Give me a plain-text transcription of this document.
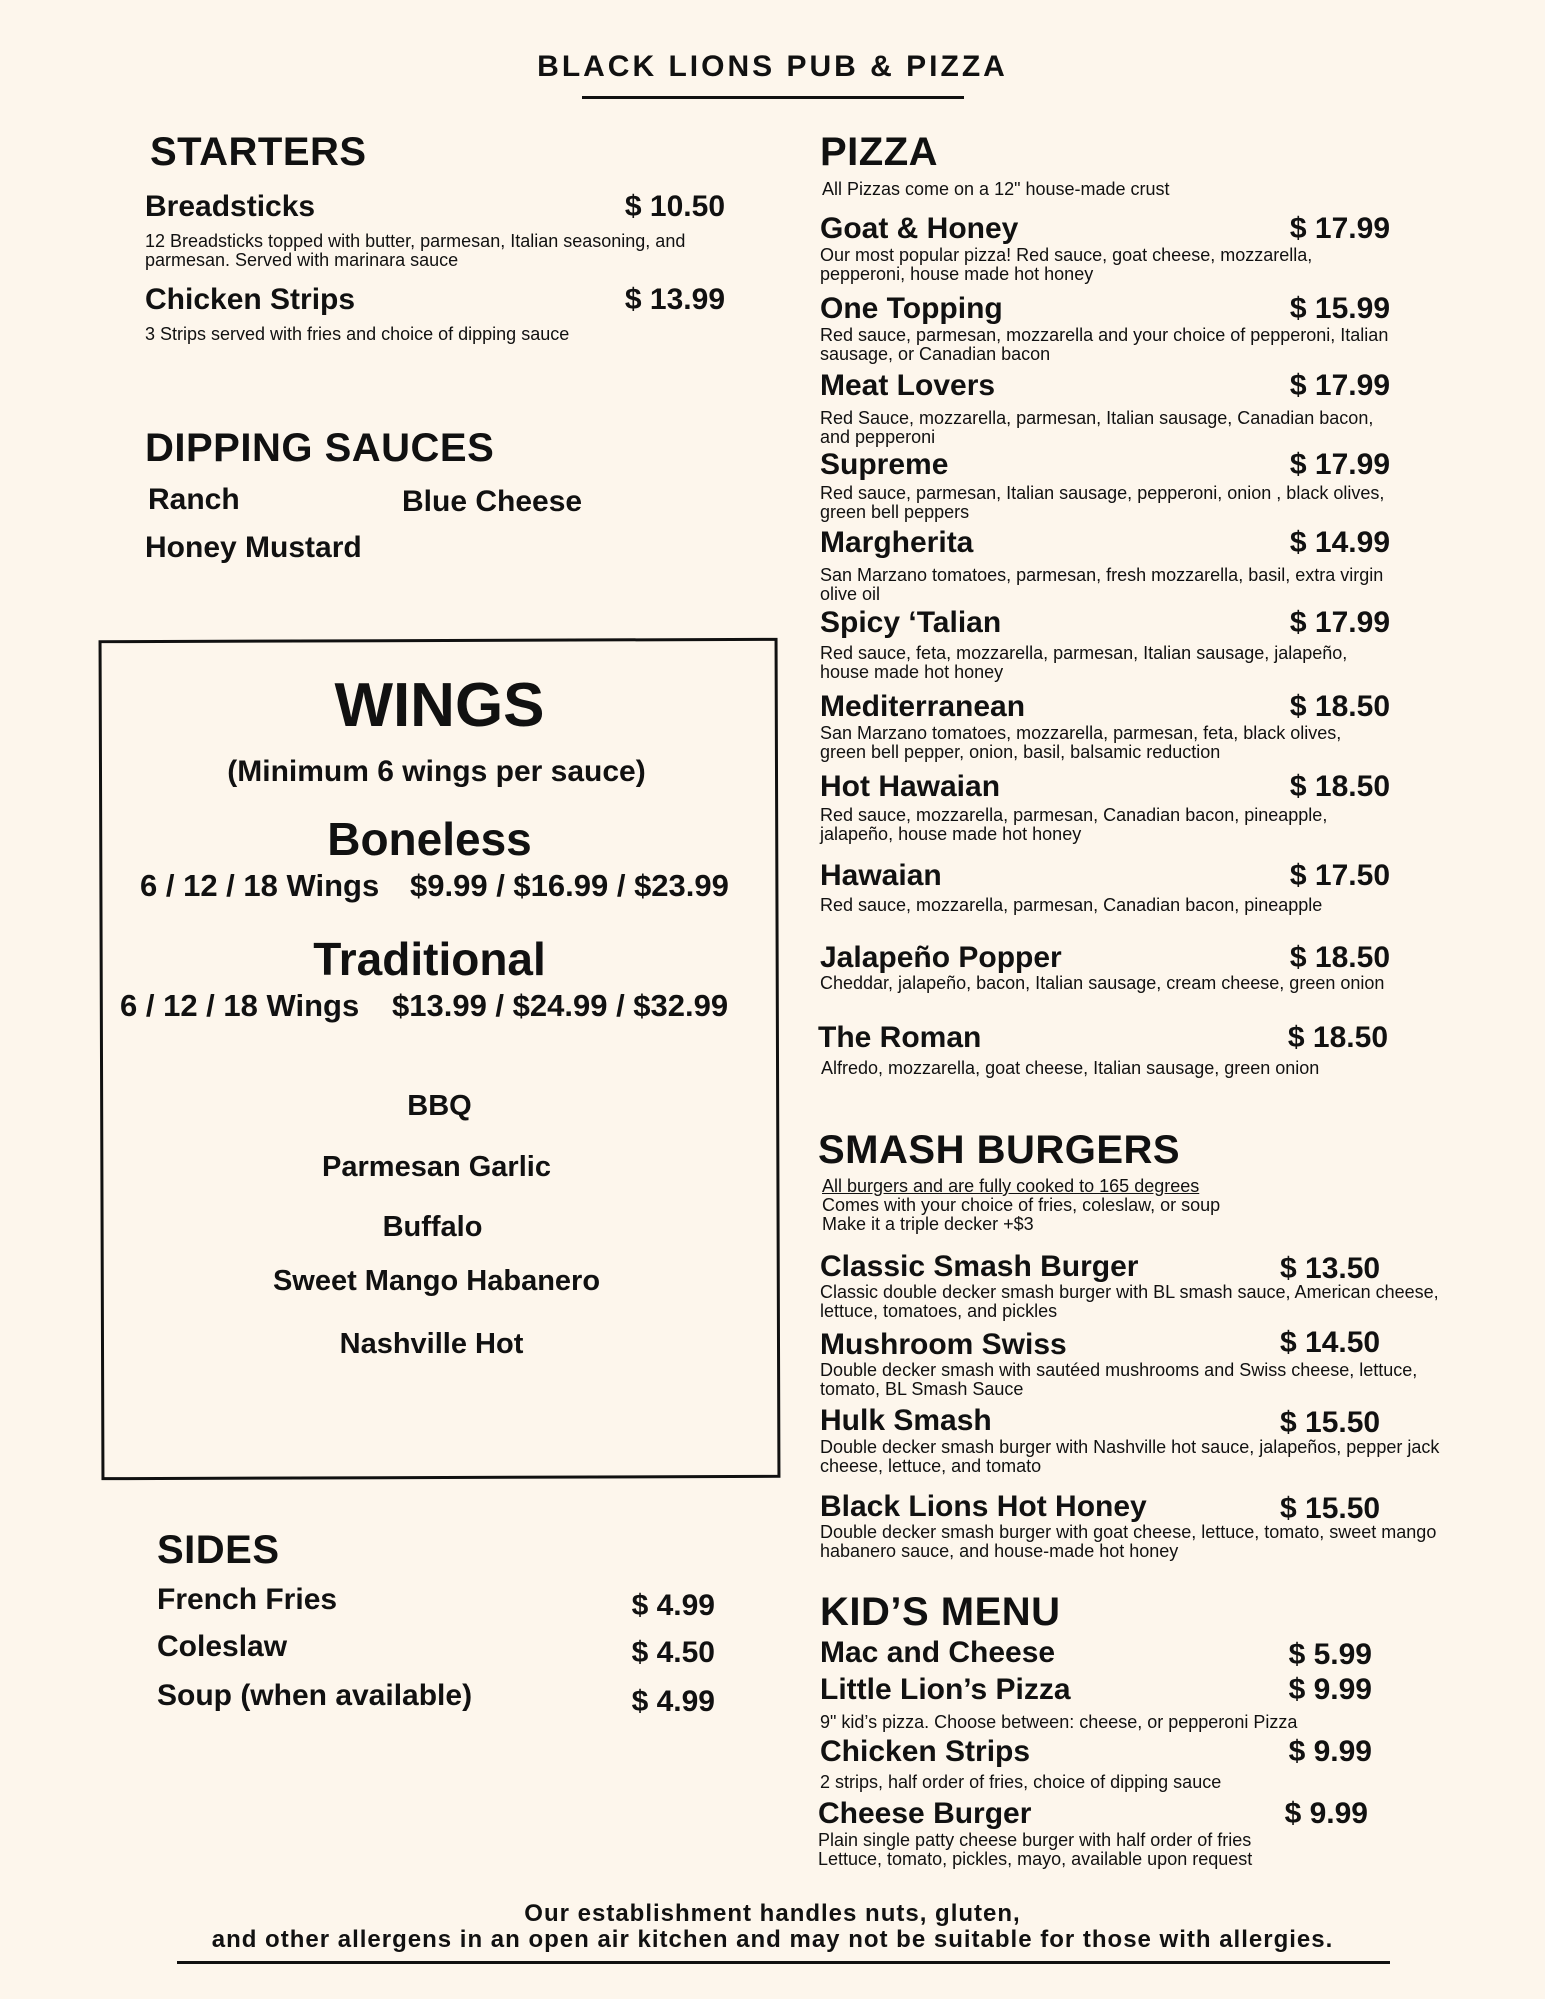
BLACK LIONS PUB & PIZZA
STARTERS
Breadsticks	$ 10.50
12 Breadsticks topped with butter, parmesan, Italian seasoning, and parmesan. Served with marinara sauce
Chicken Strips	$ 13.99
3 Strips served with fries and choice of dipping sauce
DIPPING SAUCES
Ranch	Blue Cheese
Honey Mustard
WINGS
(Minimum 6 wings per sauce)
Boneless
6 / 12 / 18 Wings $9.99 / $16.99 / $23.99
Traditional
6 / 12 / 18 Wings $13.99 / $24.99 / $32.99
BBQ
Parmesan Garlic
Buffalo
Sweet Mango Habanero
Nashville Hot
SIDES
French Fries	$ 4.99
Coleslaw	$ 4.50
Soup (when available)	$ 4.99
PIZZA
All Pizzas come on a 12" house-made crust
Goat & Honey	$ 17.99
Our most popular pizza! Red sauce, goat cheese, mozzarella, pepperoni, house made hot honey
One Topping	$ 15.99
Red sauce, parmesan, mozzarella and your choice of pepperoni, Italian sausage, or Canadian bacon
Meat Lovers	$ 17.99
Red Sauce, mozzarella, parmesan, Italian sausage, Canadian bacon, and pepperoni
Supreme	$ 17.99
Red sauce, parmesan, Italian sausage, pepperoni, onion , black olives, green bell peppers
Margherita	$ 14.99
San Marzano tomatoes, parmesan, fresh mozzarella, basil, extra virgin olive oil
Spicy ‘Talian	$ 17.99
Red sauce, feta, mozzarella, parmesan, Italian sausage, jalapeño, house made hot honey
Mediterranean	$ 18.50
San Marzano tomatoes, mozzarella, parmesan, feta, black olives, green bell pepper, onion, basil, balsamic reduction
Hot Hawaian	$ 18.50
Red sauce, mozzarella, parmesan, Canadian bacon, pineapple, jalapeño, house made hot honey
Hawaian	$ 17.50
Red sauce, mozzarella, parmesan, Canadian bacon, pineapple
Jalapeño Popper	$ 18.50
Cheddar, jalapeño, bacon, Italian sausage, cream cheese, green onion
The Roman	$ 18.50
Alfredo, mozzarella, goat cheese, Italian sausage, green onion
SMASH BURGERS
All burgers and are fully cooked to 165 degrees
Comes with your choice of fries, coleslaw, or soup
Make it a triple decker +$3
Classic Smash Burger	$ 13.50
Classic double decker smash burger with BL smash sauce, American cheese, lettuce, tomatoes, and pickles
Mushroom Swiss	$ 14.50
Double decker smash with sautéed mushrooms and Swiss cheese, lettuce, tomato, BL Smash Sauce
Hulk Smash	$ 15.50
Double decker smash burger with Nashville hot sauce, jalapeños, pepper jack cheese, lettuce, and tomato
Black Lions Hot Honey	$ 15.50
Double decker smash burger with goat cheese, lettuce, tomato, sweet mango habanero sauce, and house-made hot honey
KID’S MENU
Mac and Cheese	$ 5.99
Little Lion’s Pizza	$ 9.99
9" kid’s pizza. Choose between: cheese, or pepperoni Pizza
Chicken Strips	$ 9.99
2 strips, half order of fries, choice of dipping sauce
Cheese Burger	$ 9.99
Plain single patty cheese burger with half order of fries Lettuce, tomato, pickles, mayo, available upon request
Our establishment handles nuts, gluten,
and other allergens in an open air kitchen and may not be suitable for those with allergies.
